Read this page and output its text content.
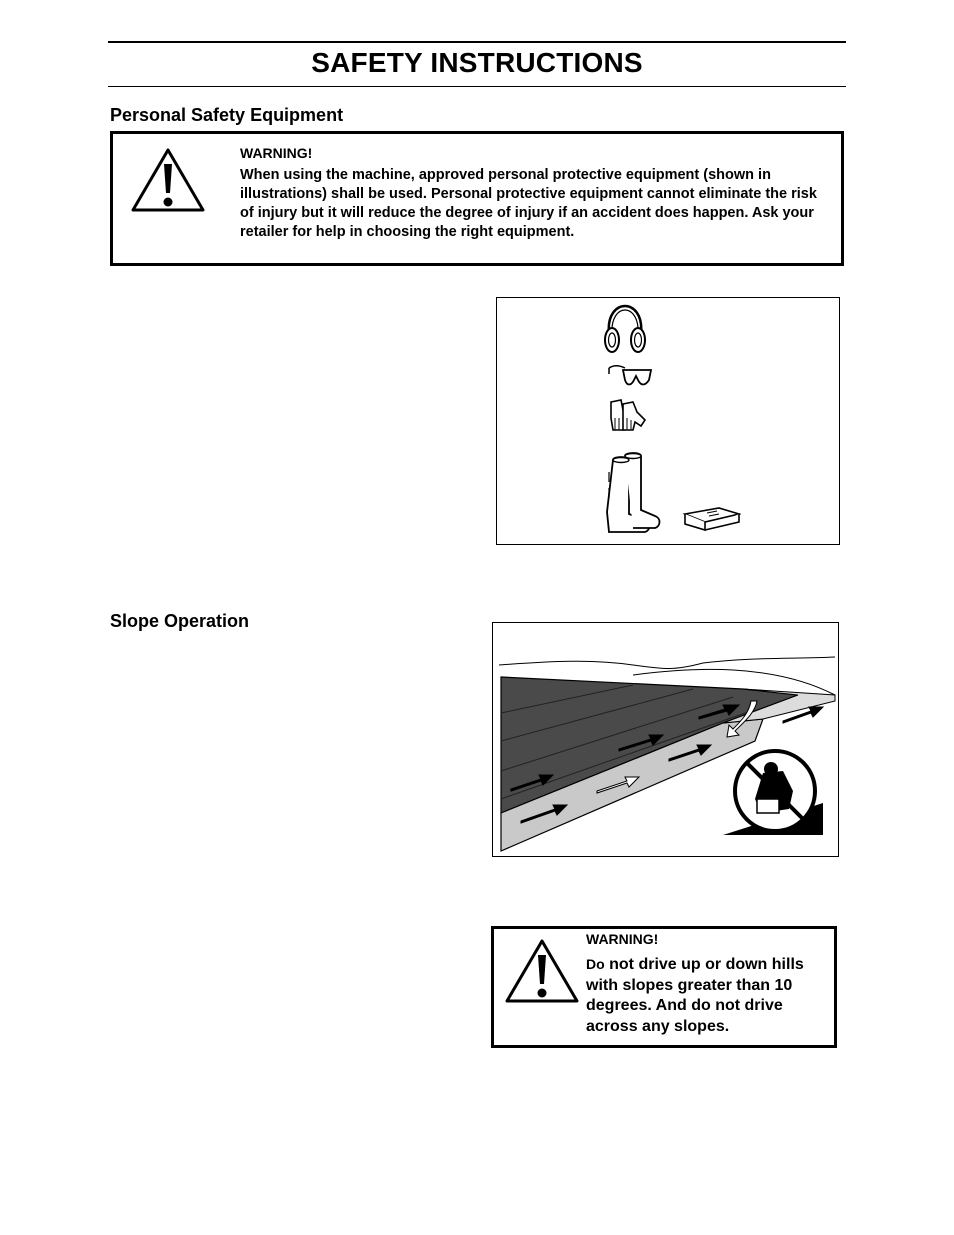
SAFETY INSTRUCTIONS
Personal Safety Equipment
WARNING!
When using the machine, approved personal protective equipment (shown in illustrations) shall be used. Personal protective equipment cannot eliminate the risk of injury but it will reduce the degree of injury if an accident does happen. Ask your retailer for help in choosing the right equipment.
Slope Operation
WARNING!
Do not drive up or down hills with slopes greater than 10 degrees. And do not drive across any slopes.
